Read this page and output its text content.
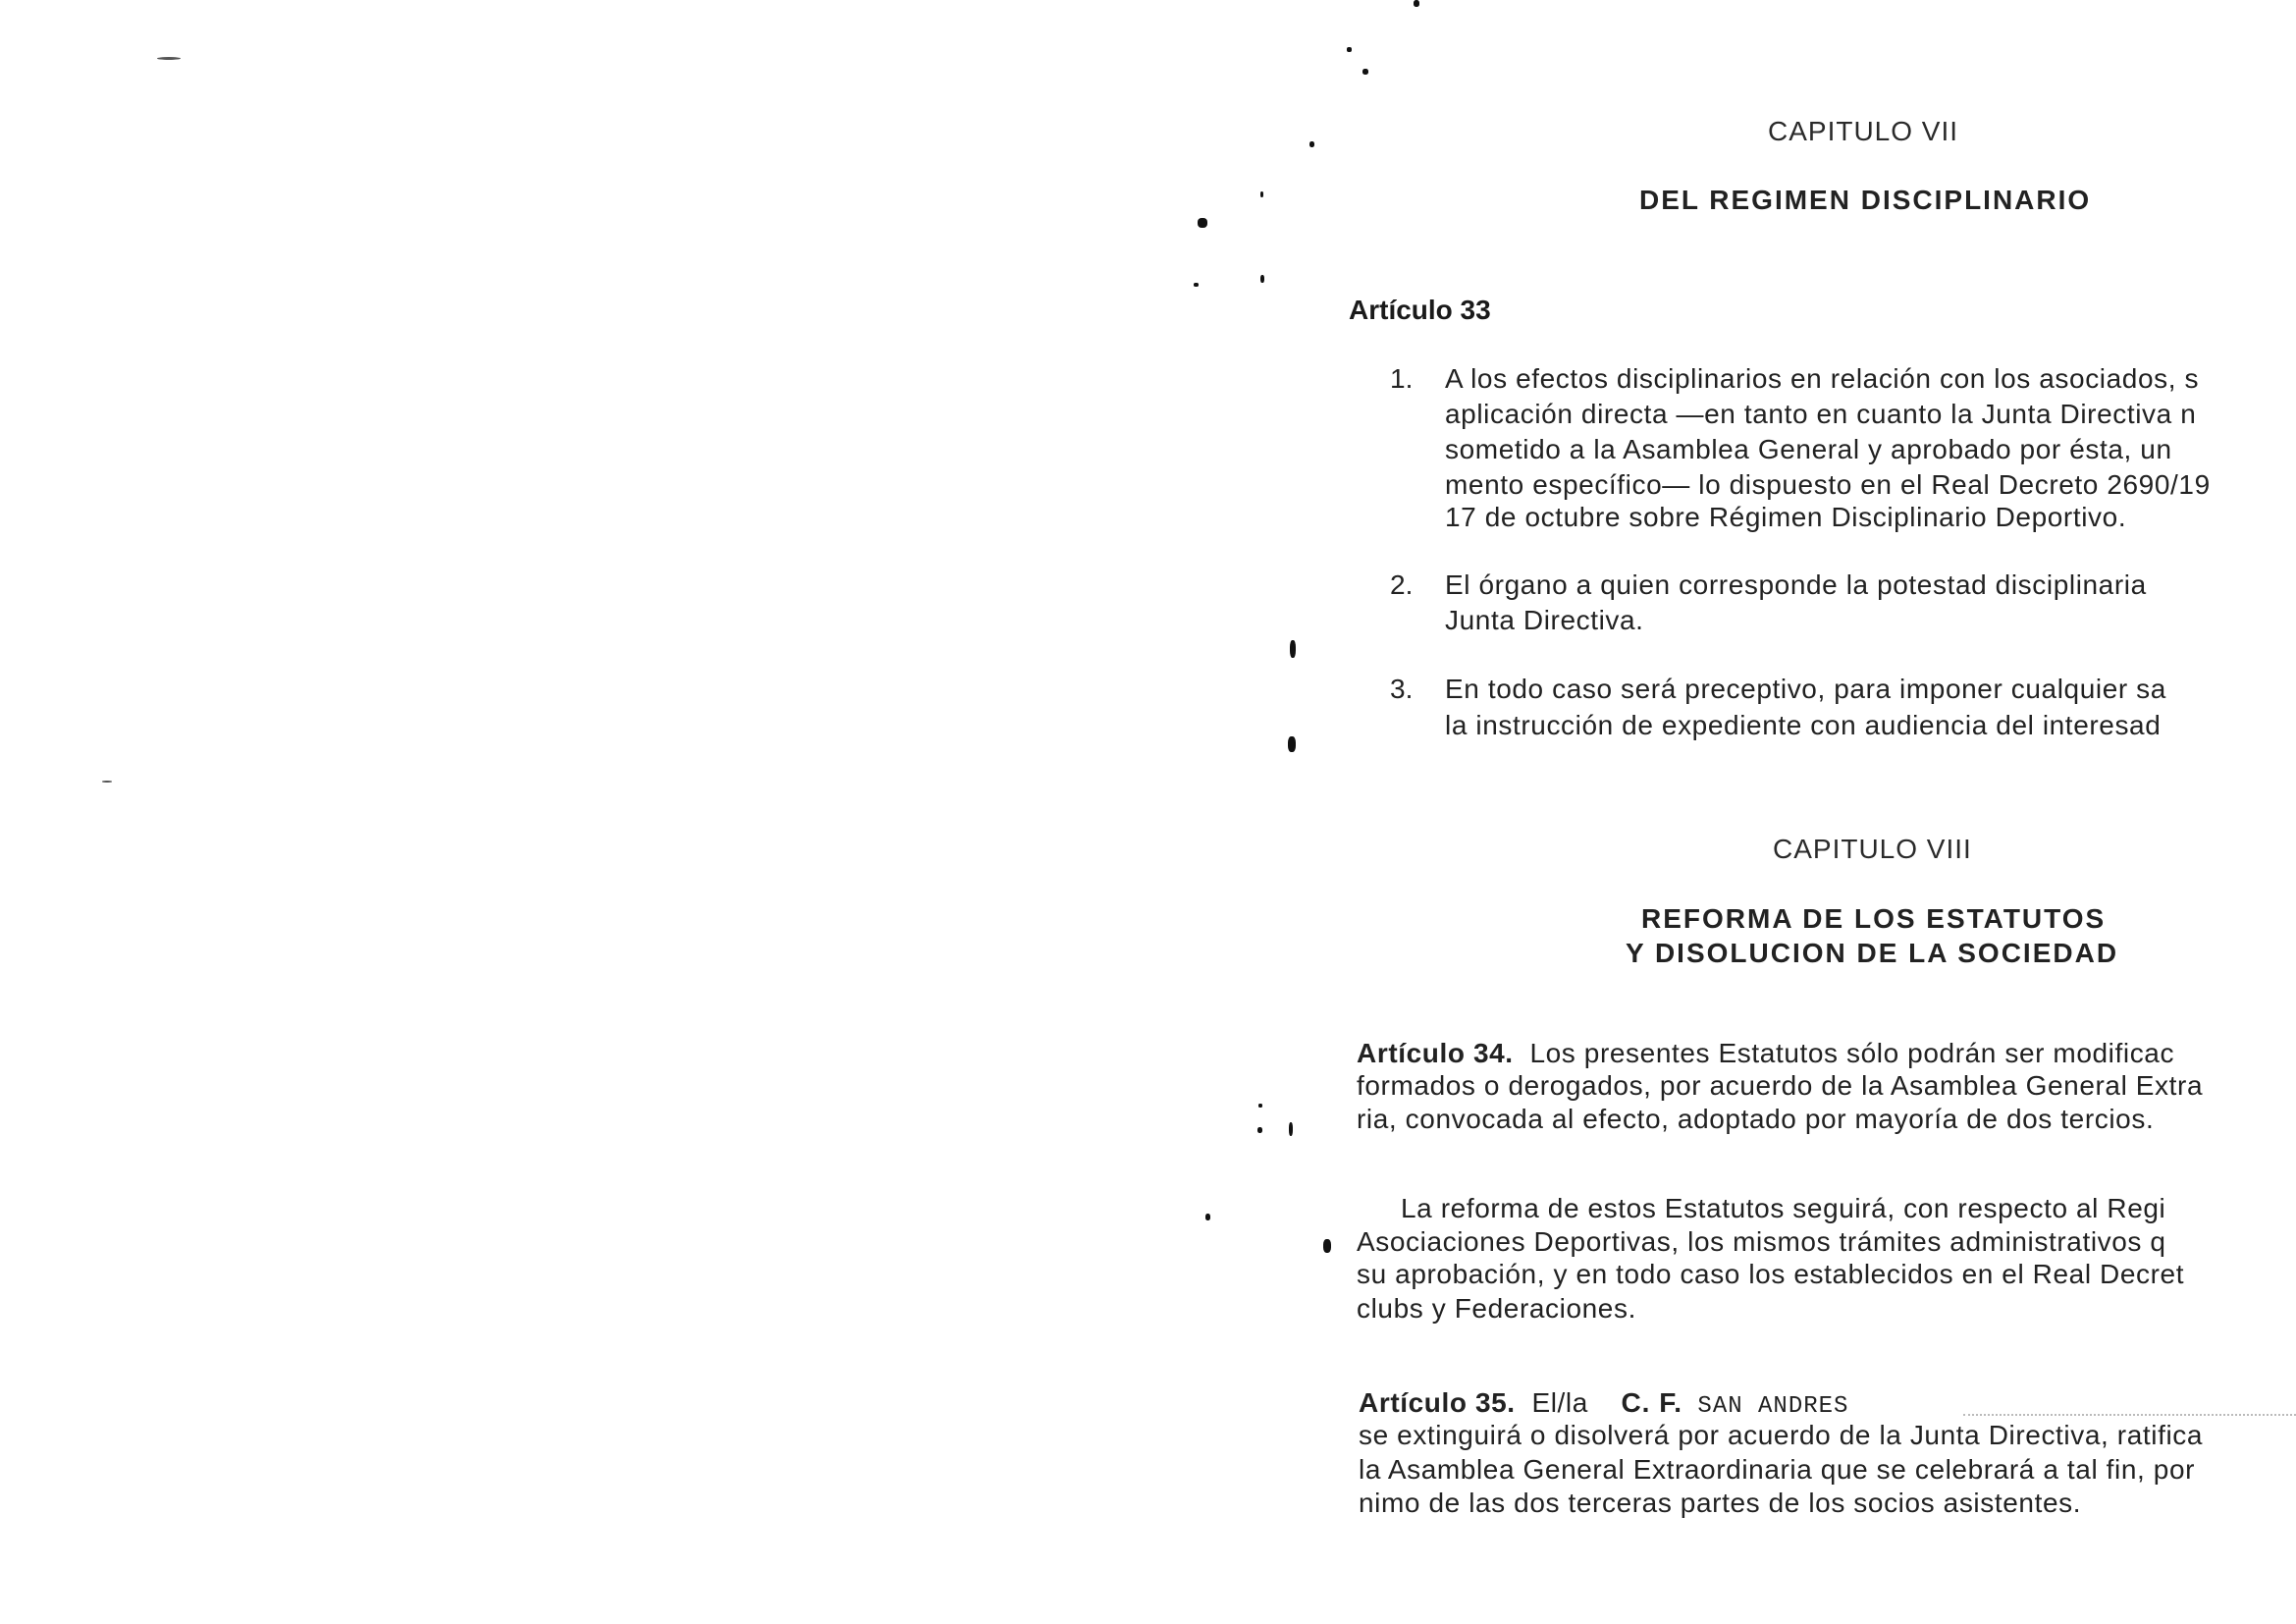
CAPITULO VII
DEL REGIMEN DISCIPLINARIO
Artículo 33
1. A los efectos disciplinarios en relación con los asociados, s
aplicación directa —en tanto en cuanto la Junta Directiva n
sometido a la Asamblea General y aprobado por ésta, un
mento específico— lo dispuesto en el Real Decreto 2690/19
17 de octubre sobre Régimen Disciplinario Deportivo.
2. El órgano a quien corresponde la potestad disciplinaria
Junta Directiva.
3. En todo caso será preceptivo, para imponer cualquier sa
la instrucción de expediente con audiencia del interesad
CAPITULO VIII
REFORMA DE LOS ESTATUTOS
Y DISOLUCION DE LA SOCIEDAD
Artículo 34. Los presentes Estatutos sólo podrán ser modificac
formados o derogados, por acuerdo de la Asamblea General Extra
ria, convocada al efecto, adoptado por mayoría de dos tercios.
La reforma de estos Estatutos seguirá, con respecto al Regi
Asociaciones Deportivas, los mismos trámites administrativos q
su aprobación, y en todo caso los establecidos en el Real Decret
clubs y Federaciones.
Artículo 35. El/la C. F. SAN ANDRES
se extinguirá o disolverá por acuerdo de la Junta Directiva, ratifica
la Asamblea General Extraordinaria que se celebrará a tal fin, por
nimo de las dos terceras partes de los socios asistentes.
